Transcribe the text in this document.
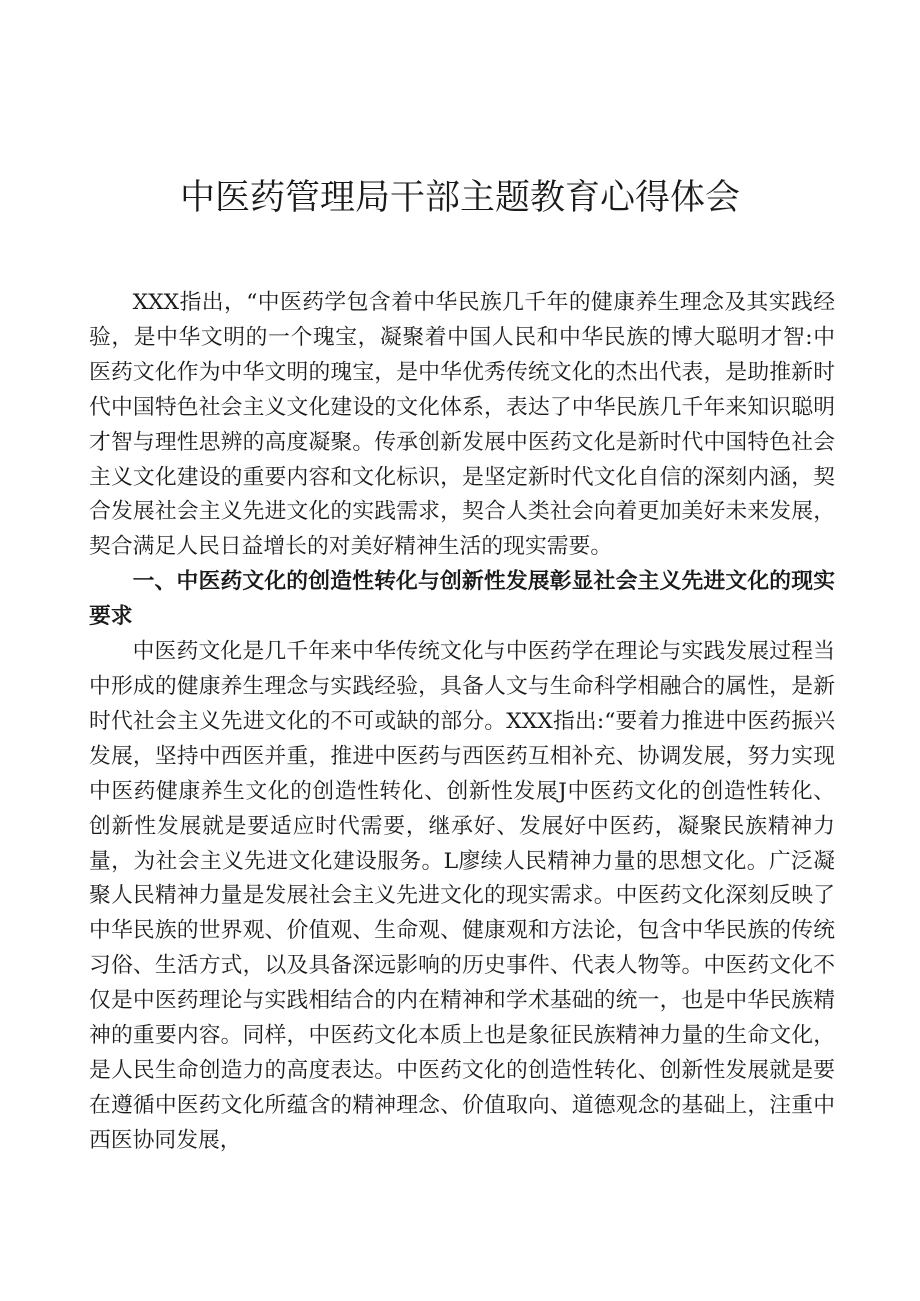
中医药管理局干部主题教育心得体会

XXX指出，“中医药学包含着中华民族几千年的健康养生理念及其实践经验，是中华文明的一个瑰宝，凝聚着中国人民和中华民族的博大聪明才智:中医药文化作为中华文明的瑰宝，是中华优秀传统文化的杰出代表，是助推新时代中国特色社会主义文化建设的文化体系，表达了中华民族几千年来知识聪明才智与理性思辨的高度凝聚。传承创新发展中医药文化是新时代中国特色社会主义文化建设的重要内容和文化标识，是坚定新时代文化自信的深刻内涵，契合发展社会主义先进文化的实践需求，契合人类社会向着更加美好未来发展，契合满足人民日益增长的对美好精神生活的现实需要。

一、中医药文化的创造性转化与创新性发展彰显社会主义先进文化的现实要求

中医药文化是几千年来中华传统文化与中医药学在理论与实践发展过程当中形成的健康养生理念与实践经验，具备人文与生命科学相融合的属性，是新时代社会主义先进文化的不可或缺的部分。XXX指出:“要着力推进中医药振兴发展，坚持中西医并重，推进中医药与西医药互相补充、协调发展，努力实现中医药健康养生文化的创造性转化、创新性发展J中医药文化的创造性转化、创新性发展就是要适应时代需要，继承好、发展好中医药，凝聚民族精神力量，为社会主义先进文化建设服务。L廖续人民精神力量的思想文化。广泛凝聚人民精神力量是发展社会主义先进文化的现实需求。中医药文化深刻反映了中华民族的世界观、价值观、生命观、健康观和方法论，包含中华民族的传统习俗、生活方式，以及具备深远影响的历史事件、代表人物等。中医药文化不仅是中医药理论与实践相结合的内在精神和学术基础的统一，也是中华民族精神的重要内容。同样，中医药文化本质上也是象征民族精神力量的生命文化，是人民生命创造力的高度表达。中医药文化的创造性转化、创新性发展就是要在遵循中医药文化所蕴含的精神理念、价值取向、道德观念的基础上，注重中西医协同发展，
